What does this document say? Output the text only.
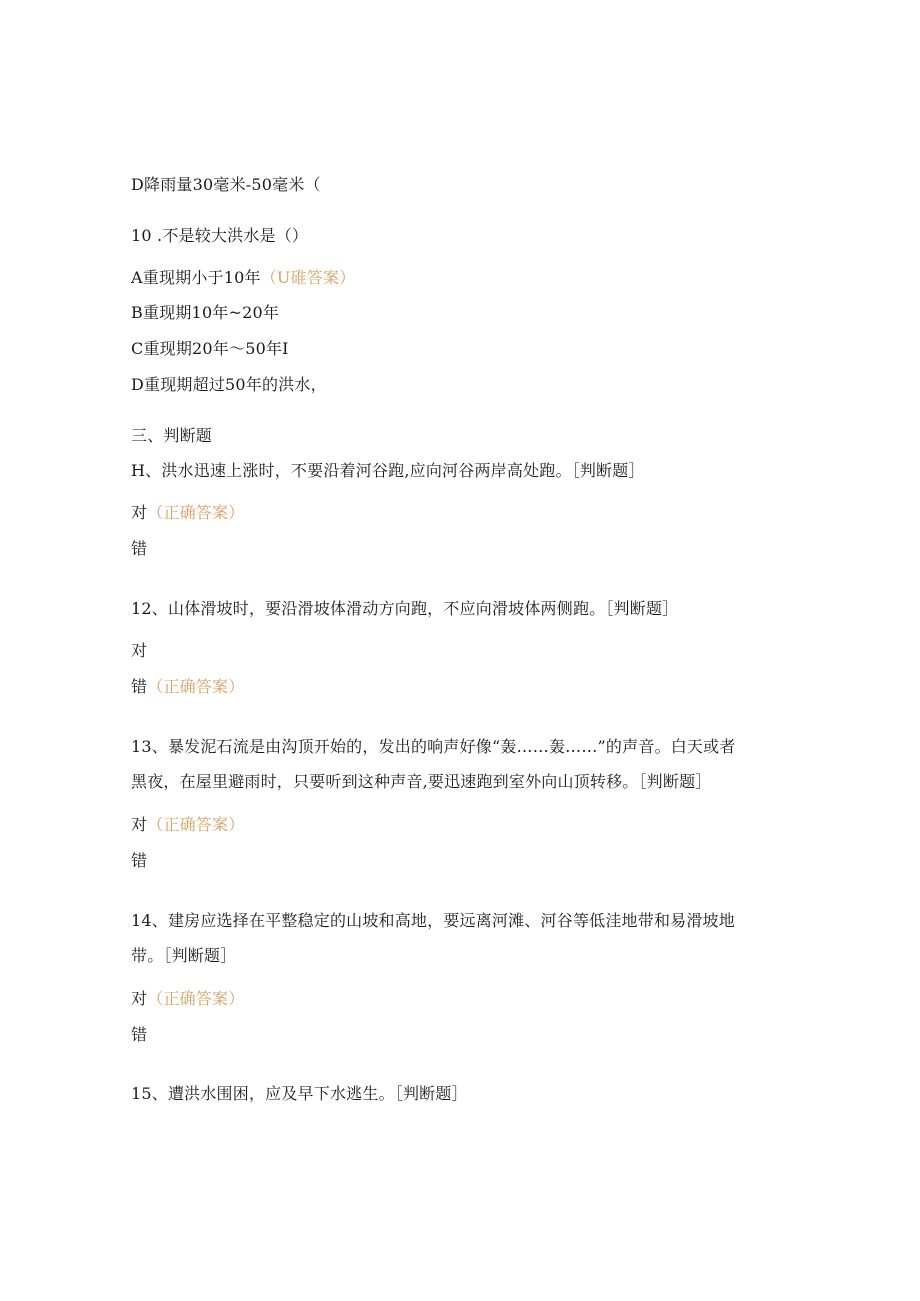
D降雨量30毫米-50毫米（
10 .不是较大洪水是（）
A重现期小于10年（U碓答案）
B重现期10年~20年
C重现期20年～50年I
D重现期超过50年的洪水，
三、判断题
H、洪水迅速上涨时，不要沿着河谷跑,应向河谷两岸高处跑。［判断题］
对（正确答案）
错
12、山体滑坡时，要沿滑坡体滑动方向跑，不应向滑坡体两侧跑。［判断题］
对
错（正确答案）
13、暴发泥石流是由沟顶开始的，发出的响声好像“轰……轰……”的声音。白天或者
黑夜，在屋里避雨时，只要听到这种声音,要迅速跑到室外向山顶转移。［判断题］
对（正确答案）
错
14、建房应选择在平整稳定的山坡和高地，要远离河滩、河谷等低洼地带和易滑坡地
带。［判断题］
对（正确答案）
错
15、遭洪水围困，应及早下水逃生。［判断题］
